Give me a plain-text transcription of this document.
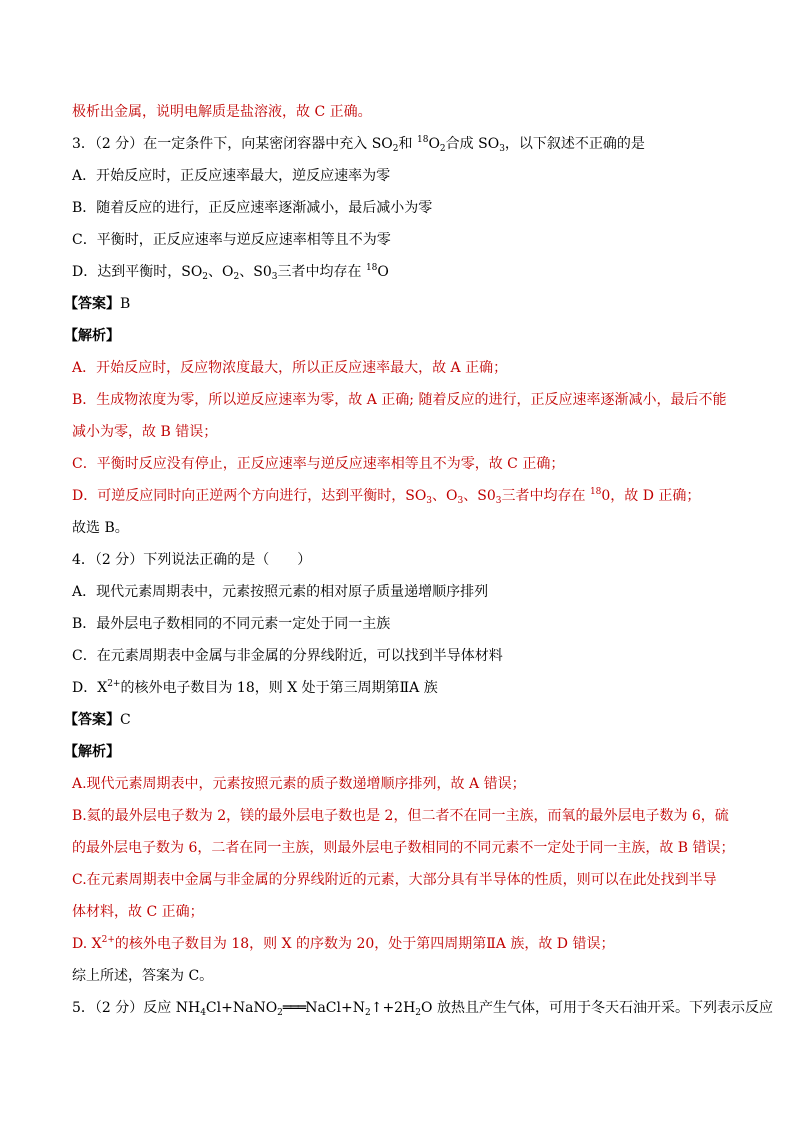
极析出金属，说明电解质是盐溶液，故 C 正确。
3．（2 分）在一定条件下，向某密闭容器中充入 $SO_2$和 $^{18}O_2$合成 $SO_3$，以下叙述不正确的是
A．开始反应时，正反应速率最大，逆反应速率为零
B．随着反应的进行，正反应速率逐渐减小，最后减小为零
C．平衡时，正反应速率与逆反应速率相等且不为零
D．达到平衡时，$SO_2$、$O_2$、$S0_3$三者中均存在 $^{18}$O
【答案】B
【解析】
A．开始反应时，反应物浓度最大，所以正反应速率最大，故 A 正确；
B．生成物浓度为零，所以逆反应速率为零，故 A 正确; 随着反应的进行，正反应速率逐渐减小，最后不能
减小为零，故 B 错误；
C．平衡时反应没有停止，正反应速率与逆反应速率相等且不为零，故 C 正确；
D．可逆反应同时向正逆两个方向进行，达到平衡时，$SO_3$、$O_3$、$S0_3$三者中均存在 $^{18}$0，故 D 正确；
故选 B。
4．（2 分）下列说法正确的是（　　）
A．现代元素周期表中，元素按照元素的相对原子质量递增顺序排列
B．最外层电子数相同的不同元素一定处于同一主族
C．在元素周期表中金属与非金属的分界线附近，可以找到半导体材料
D．$X^{2+}$的核外电子数目为 18，则 X 处于第三周期第ⅡA 族
【答案】C
【解析】
A.现代元素周期表中，元素按照元素的质子数递增顺序排列，故 A 错误；
B.氦的最外层电子数为 2，镁的最外层电子数也是 2，但二者不在同一主族，而氧的最外层电子数为 6，硫
的最外层电子数为 6，二者在同一主族，则最外层电子数相同的不同元素不一定处于同一主族，故 B 错误；
C.在元素周期表中金属与非金属的分界线附近的元素，大部分具有半导体的性质，则可以在此处找到半导
体材料，故 C 正确；
D. $X^{2+}$的核外电子数目为 18，则 X 的序数为 20，处于第四周期第ⅡA 族，故 D 错误；
综上所述，答案为 C。
5．（2 分）反应 $NH_4Cl+NaNO_2═══NaCl+N_2↑+2H_2O$ 放热且产生气体，可用于冬天石油开采。下列表示反应
